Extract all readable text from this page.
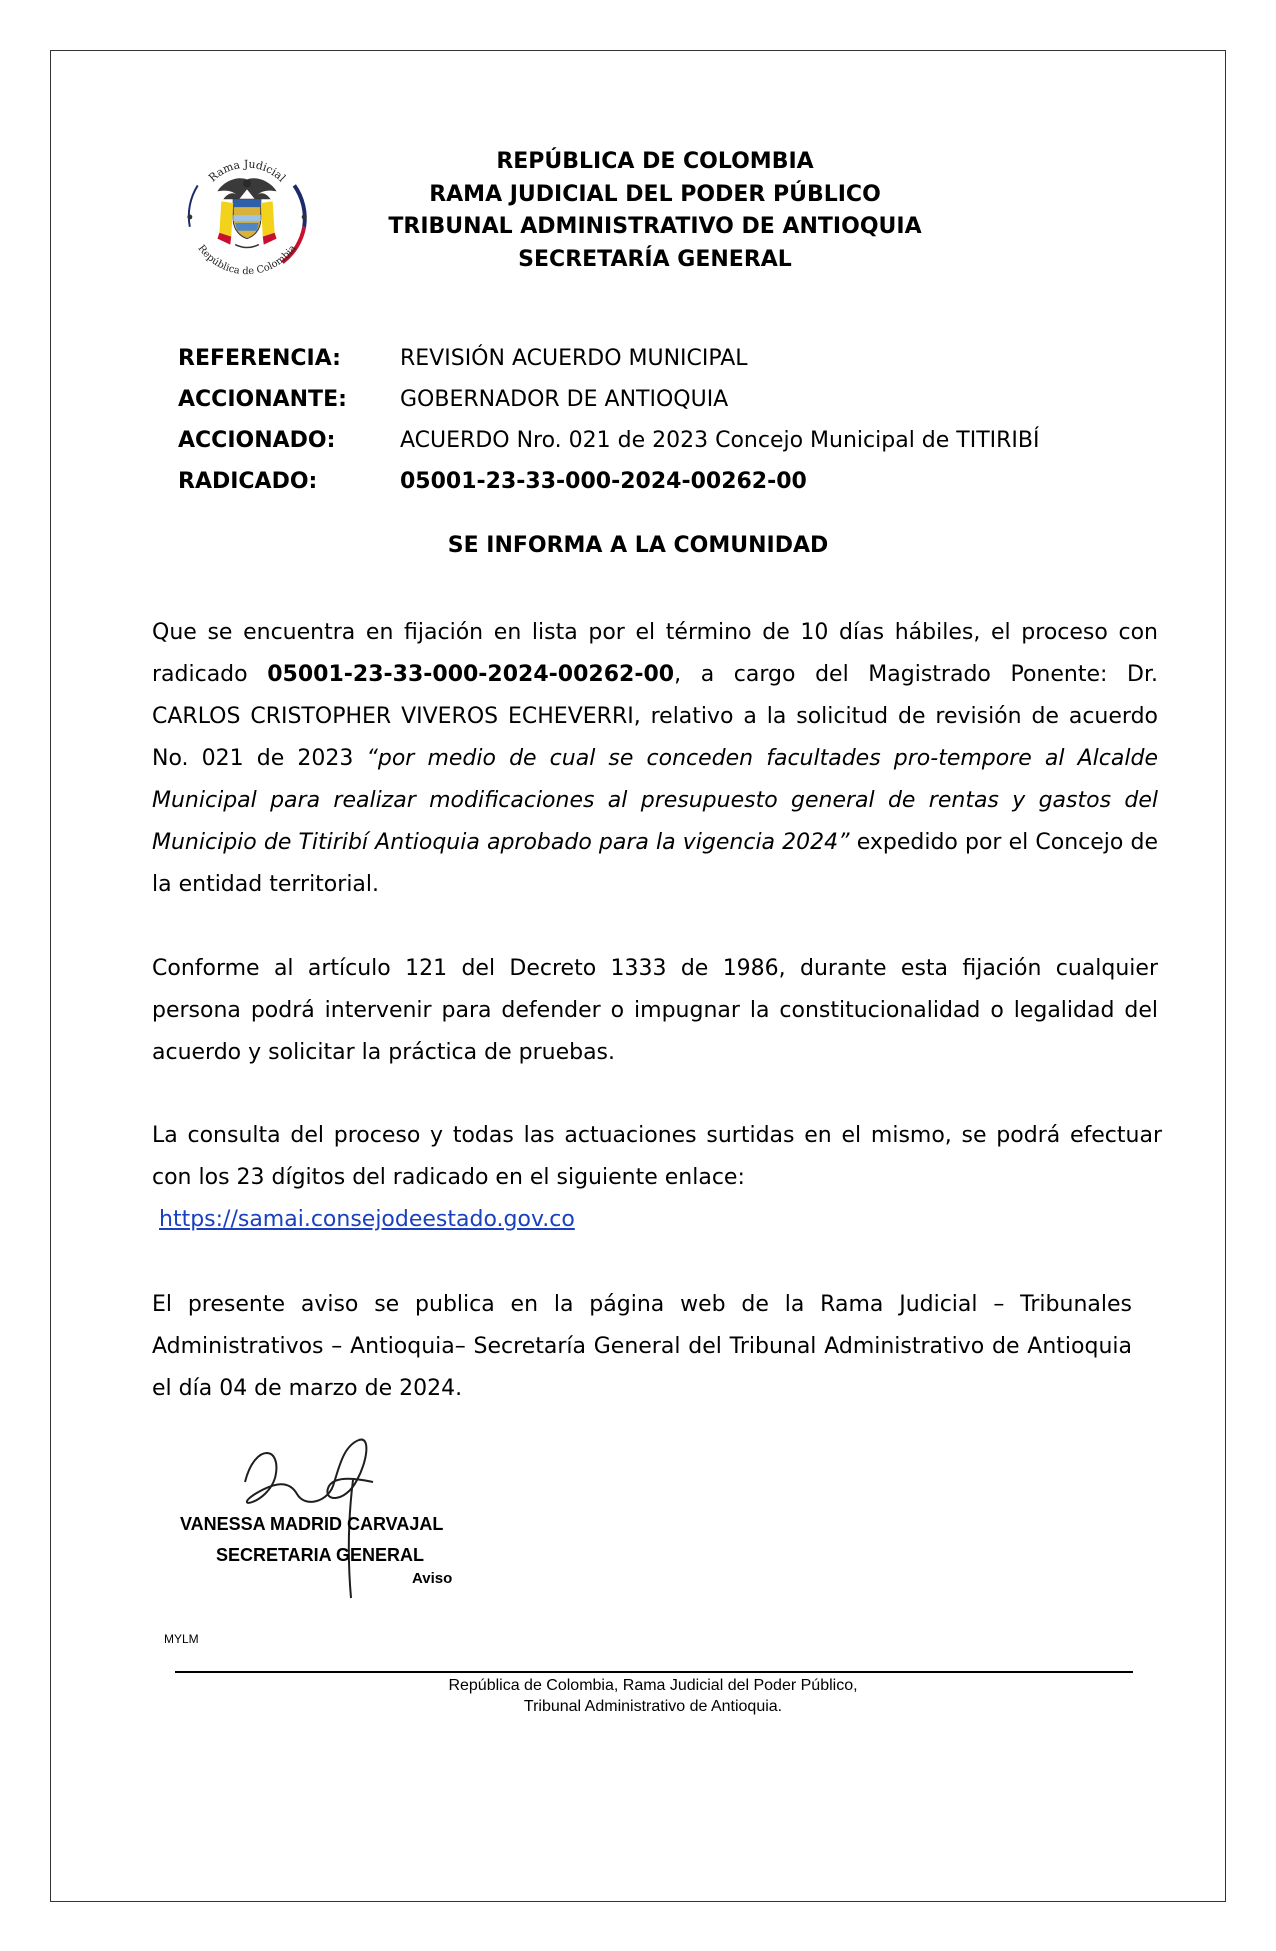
Rama Judicial
República de Colombia
REPÚBLICA DE COLOMBIA
RAMA JUDICIAL DEL PODER PÚBLICO
TRIBUNAL ADMINISTRATIVO DE ANTIOQUIA
SECRETARÍA GENERAL
REFERENCIA:	REVISIÓN ACUERDO MUNICIPAL
ACCIONANTE: GOBERNADOR DE ANTIOQUIA
ACCIONADO:	ACUERDO Nro. 021 de 2023 Concejo Municipal de TITIRIBÍ
RADICADO:	05001-23-33-000-2024-00262-00
SE INFORMA A LA COMUNIDAD
Que se encuentra en fijación en lista por el término de 10 días hábiles, el proceso con radicado 05001-23-33-000-2024-00262-00, a cargo del Magistrado Ponente: Dr. CARLOS CRISTOPHER VIVEROS ECHEVERRI, relativo a la solicitud de revisión de acuerdo No. 021 de 2023 “por medio de cual se conceden facultades pro-tempore al Alcalde Municipal para realizar modificaciones al presupuesto general de rentas y gastos del Municipio de Titiribí Antioquia aprobado para la vigencia 2024” expedido por el Concejo de la entidad territorial.
Conforme al artículo 121 del Decreto 1333 de 1986, durante esta fijación cualquier persona podrá intervenir para defender o impugnar la constitucionalidad o legalidad del acuerdo y solicitar la práctica de pruebas.
La consulta del proceso y todas las actuaciones surtidas en el mismo, se podrá efectuar con los 23 dígitos del radicado en el siguiente enlace:
https://samai.consejodeestado.gov.co
El presente aviso se publica en la página web de la Rama Judicial – Tribunales Administrativos – Antioquia– Secretaría General del Tribunal Administrativo de Antioquia el día 04 de marzo de 2024.
VANESSA MADRID CARVAJAL
SECRETARIA GENERAL
Aviso
MYLM
República de Colombia, Rama Judicial del Poder Público,
Tribunal Administrativo de Antioquia.
